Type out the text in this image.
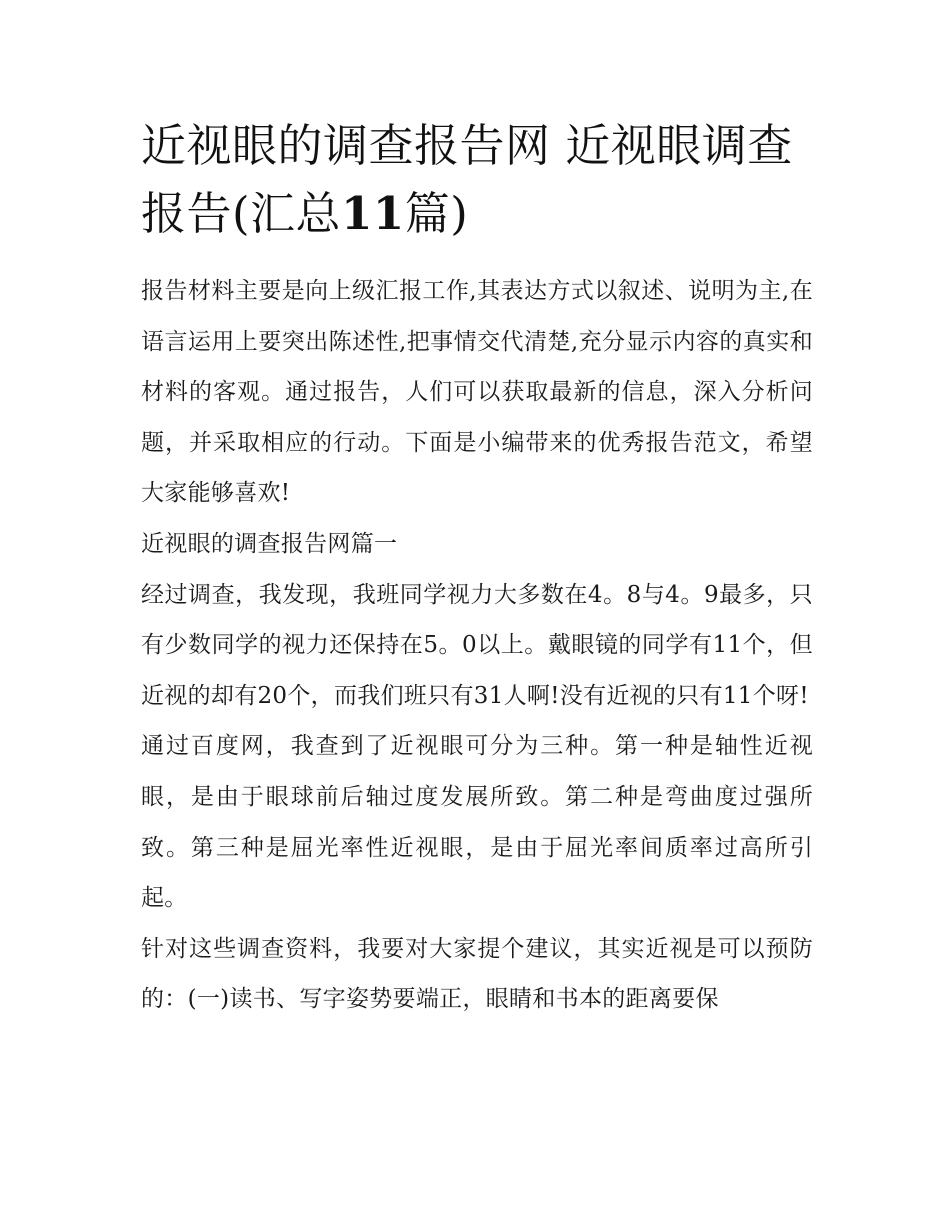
近视眼的调查报告网 近视眼调查报告(汇总11篇)

报告材料主要是向上级汇报工作,其表达方式以叙述、说明为主,在语言运用上要突出陈述性,把事情交代清楚,充分显示内容的真实和材料的客观。通过报告，人们可以获取最新的信息，深入分析问题，并采取相应的行动。下面是小编带来的优秀报告范文，希望大家能够喜欢!

近视眼的调查报告网篇一

经过调查，我发现，我班同学视力大多数在4。8与4。9最多，只有少数同学的视力还保持在5。0以上。戴眼镜的同学有11个，但近视的却有20个，而我们班只有31人啊!没有近视的只有11个呀!

通过百度网，我查到了近视眼可分为三种。第一种是轴性近视眼，是由于眼球前后轴过度发展所致。第二种是弯曲度过强所致。第三种是屈光率性近视眼，是由于屈光率间质率过高所引起。

针对这些调查资料，我要对大家提个建议，其实近视是可以预防的：(一)读书、写字姿势要端正，眼睛和书本的距离要保
